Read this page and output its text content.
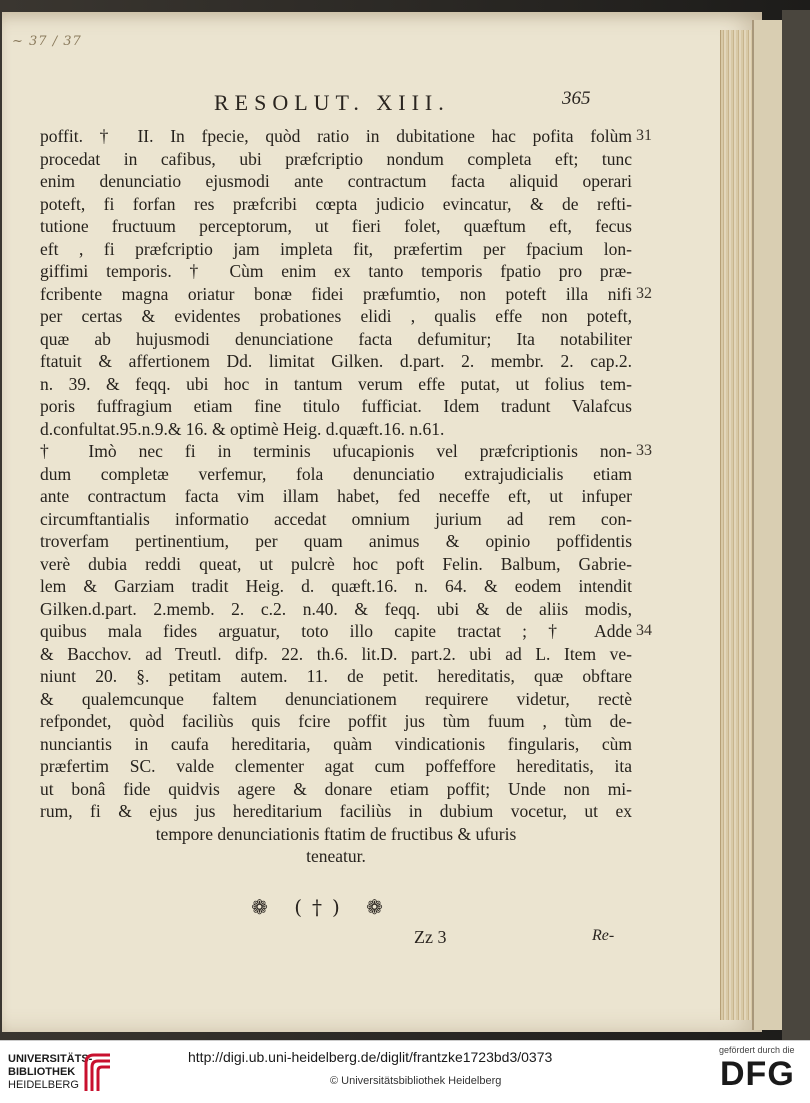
~ 37 / 37
RESOLUT. XIII.	365
poffit. † II. In fpecie, quòd ratio in dubitatione hac pofita folùm
procedat in cafibus, ubi præfcriptio nondum completa eft; tunc
enim denunciatio ejusmodi ante contractum facta aliquid operari
poteft, fi forfan res præfcribi cœpta judicio evincatur, & de refti-
tutione fructuum perceptorum, ut fieri folet, quæftum eft, fecus
eft , fi præfcriptio jam impleta fit, præfertim per fpacium lon-
giffimi temporis. † Cùm enim ex tanto temporis fpatio pro præ-
fcribente magna oriatur bonæ fidei præfumtio, non poteft illa nifi
per certas & evidentes probationes elidi , qualis effe non poteft,
quæ ab hujusmodi denunciatione facta defumitur; Ita notabiliter
ftatuit & affertionem Dd. limitat Gilken. d.part. 2. membr. 2. cap.2.
n. 39. & feqq. ubi hoc in tantum verum effe putat, ut folius tem-
poris fuffragium etiam fine titulo fufficiat. Idem tradunt Valafcus
d.confultat.95.n.9.& 16. & optimè Heig. d.quæft.16. n.61.
† Imò nec fi in terminis ufucapionis vel præfcriptionis non-
dum completæ verfemur, fola denunciatio extrajudicialis etiam
ante contractum facta vim illam habet, fed neceffe eft, ut infuper
circumftantialis informatio accedat omnium jurium ad rem con-
troverfam pertinentium, per quam animus & opinio poffidentis
verè dubia reddi queat, ut pulcrè hoc poft Felin. Balbum, Gabrie-
lem & Garziam tradit Heig. d. quæft.16. n. 64. & eodem intendit
Gilken.d.part. 2.memb. 2. c.2. n.40. & feqq. ubi & de aliis modis,
quibus mala fides arguatur, toto illo capite tractat ; † Adde
& Bacchov. ad Treutl. difp. 22. th.6. lit.D. part.2. ubi ad L. Item ve-
niunt 20. §. petitam autem. 11. de petit. hereditatis, quæ obftare
& qualemcunque faltem denunciationem requirere videtur, rectè
refpondet, quòd faciliùs quis fcire poffit jus tùm fuum , tùm de-
nunciantis in caufa hereditaria, quàm vindicationis fingularis, cùm
præfertim SC. valde clementer agat cum poffeffore hereditatis, ita
ut bonâ fide quidvis agere & donare etiam poffit; Unde non mi-
rum, fi & ejus jus hereditarium faciliùs in dubium vocetur, ut ex
tempore denunciationis ftatim de fructibus & ufuris
teneatur.
31
32
33
34
❁ (†) ❁
Zz 3	Re-
UNIVERSITÄTS-
BIBLIOTHEK
HEIDELBERG
http://digi.ub.uni-heidelberg.de/diglit/frantzke1723bd3/0373
© Universitätsbibliothek Heidelberg
gefördert durch die
DFG
